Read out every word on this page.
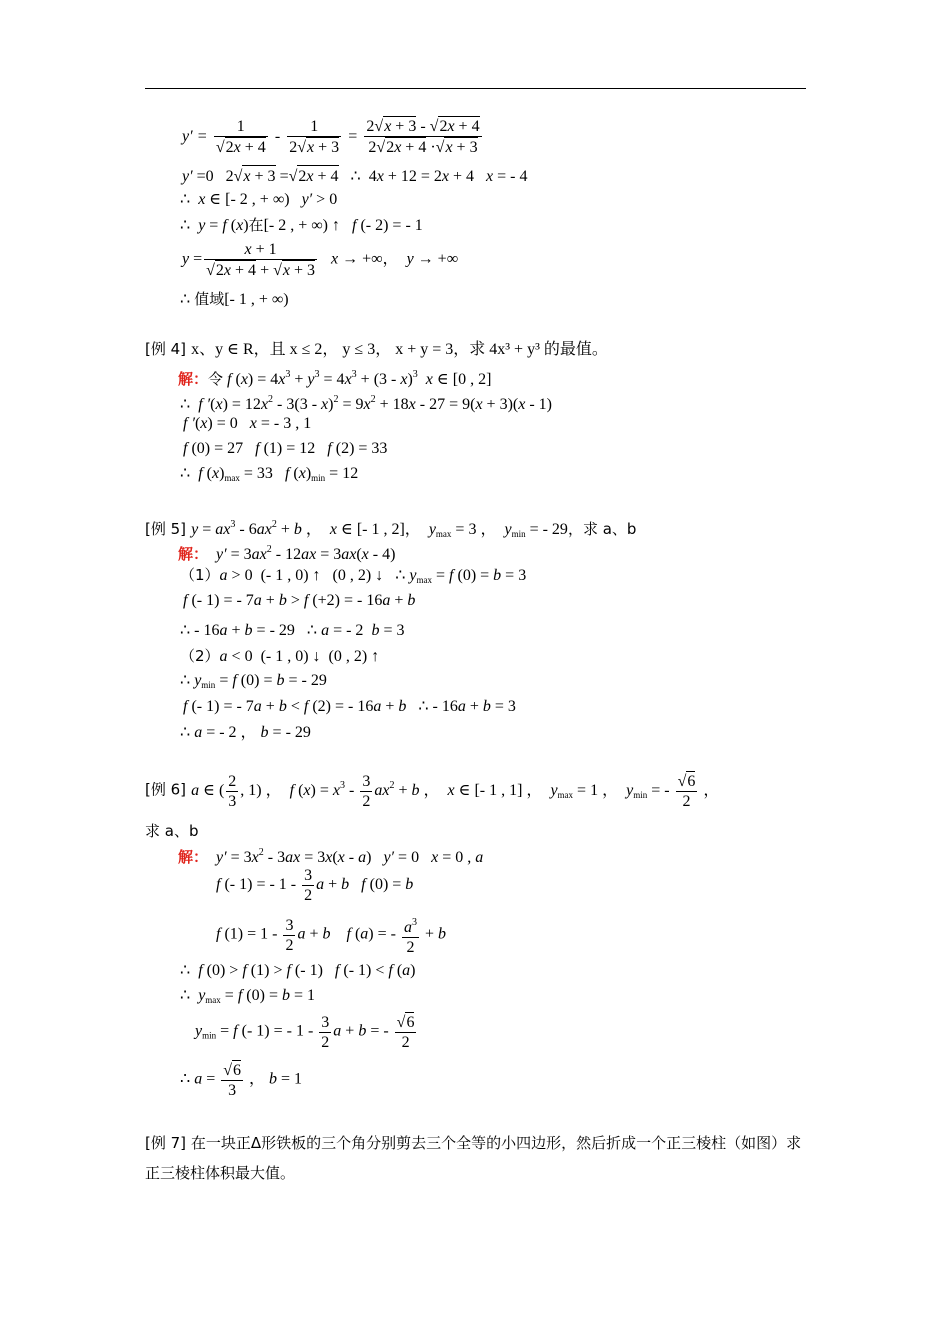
$y' = \frac{1}{√2x + 4} - \frac{1}{2√x + 3} = \frac{2√x + 3 - √2x + 4}{2√2x + 4 \cdot√x + 3}$
y′ =0   2√x + 3 =√2x + 4 ∴  4x + 12 = 2x + 4   x = - 4
∴  x ∈ [- 2 , + ∞)   y′ > 0
∴  y = f (x)在[- 2 , + ∞) ↑   f (- 2) = - 1
$y = \frac{x + 1}{√2x + 4 + √x + 3}$ x → +∞，  y → +∞
∴ 值域[- 1 , + ∞)
[例 4] x、y ∈ R，且 x ≤ 2， y ≤ 3， x + y = 3，求 4x³ + y³ 的最值。
解：令 f $(x) = 4x^3 + y^3 = 4x^3 + (3 - x)^3$ x ∈ [0 , 2]
∴  f $'(x) = 12x^2 - 3(3 - x)^2 = 9x^2 + 18x - 27 = 9(x + 3)(x - 1)$
f ′(x) = 0   x = - 3 , 1
f (0) = 27   f (1) = 12   f (2) = 33
∴  f $(x)_{max} = 33$   f $(x)_{min} = 12$
[例 5] $y = ax^3 - 6ax^2 + b$ ，  x ∈ [- 1 , 2]，  $y_{max} = 3$ ，  $y_{min}$ = - 29，求 a、b
解： $y' = 3ax^2 - 12ax = 3ax(x - 4)$
（1）a > 0  (- 1 , 0) ↑   (0 , 2) ↓   ∴ $y_{max} = f$ (0) = b = 3
f (- 1) = - 7a + b > f (+2) = - 16a + b
∴ - 16a + b = - 29   ∴ a = - 2  b = 3
（2）a < 0  (- 1 , 0) ↓  (0 , 2) ↑
∴ $y_{min} = f$ (0) = b = - 29
f (- 1) = - 7a + b < f (2) = - 16a + b   ∴ - 16a + b = 3
∴ a = - 2 ， b = - 29
[例 6] a ∈ ( $\frac{2}{3}$ , 1) ，  f $(x) = x^3 - \frac{3}{2} ax^2 + b$ ，  x ∈ [- 1 , 1] ，  $y_{max} = 1$ ，  $y_{min}$ = - $\frac{√6}{2}$ ，
求 a、b
解： $y' = 3x^2 - 3ax = 3x(x - a) y' = 0$   x = 0 , a
f (- 1) = - $1 - \frac{3}{2}$ a + b f (0) = b
f $(1) = 1 - \frac{3}{2}$ a + b f (a) = - $\frac{a^3}{2} + b$
∴  f (0) > f (1) > f (- 1)   f (- 1) < f (a)
∴  $y_{max} = f$ (0) = b = 1
$y_{min} = f$ (- 1) = - $1 - \frac{3}{2}$ a + b = - $\frac{√6}{2}$
∴ $a = \frac{√6}{3}$ ， b = 1
[例 7] 在一块正Δ形铁板的三个角分别剪去三个全等的小四边形，然后折成一个正三棱柱（如图）求正三棱柱体积最大值。
